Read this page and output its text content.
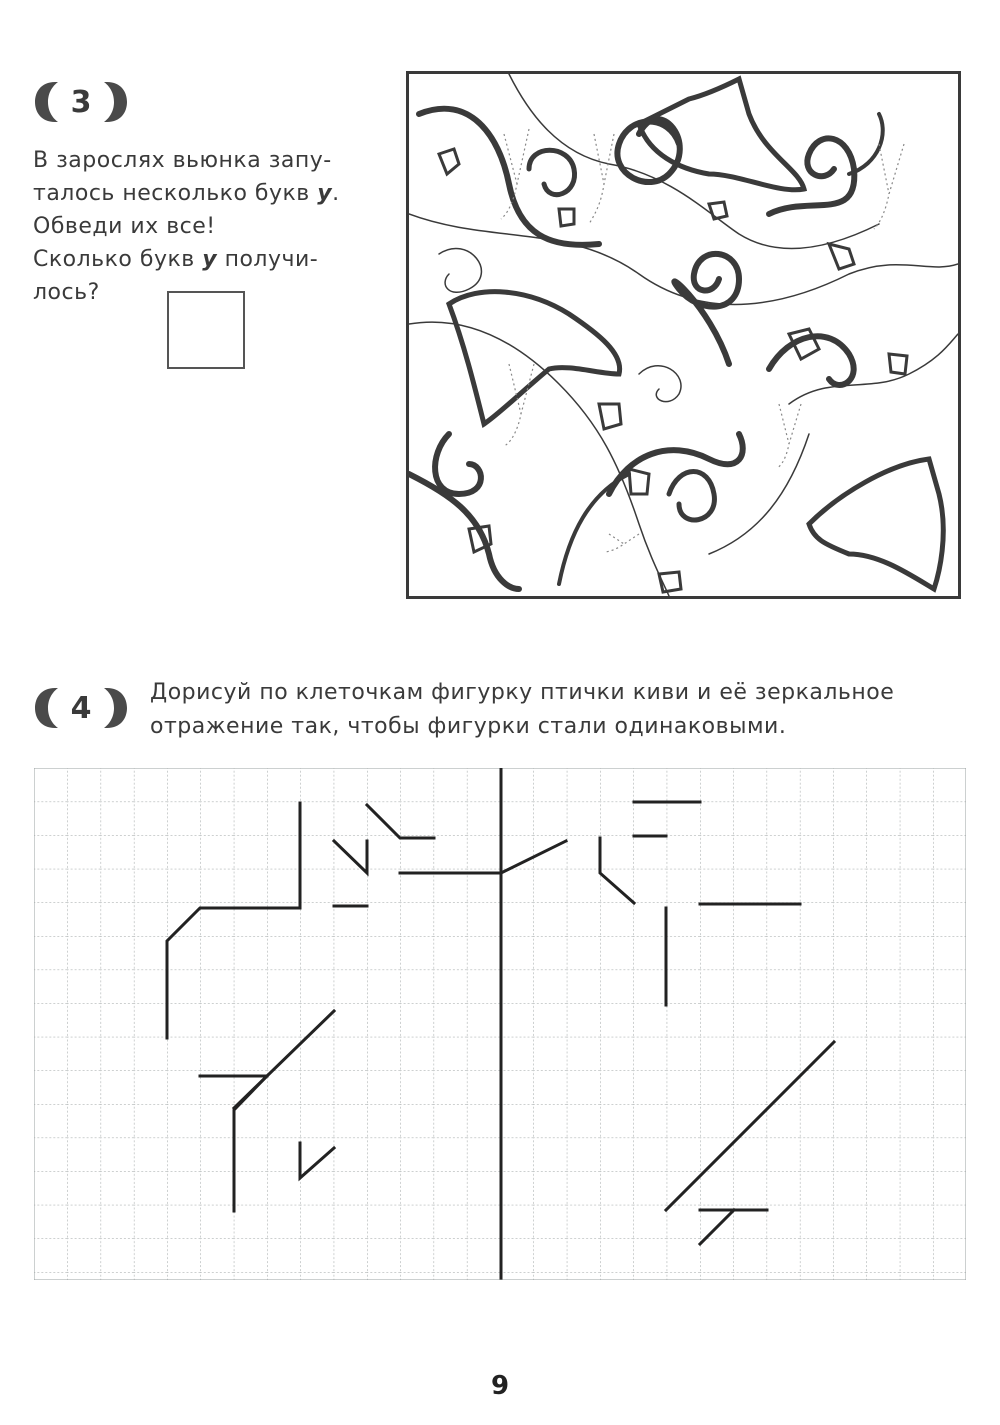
3

В зарослях вьюнка запу-

талось несколько букв у.

Обведи их все!

Сколько букв у получи-

лось?

4	Дорисуй по клеточкам фигурку птички киви и её зеркальное
отражение так, чтобы фигурки стали одинаковыми.
9
